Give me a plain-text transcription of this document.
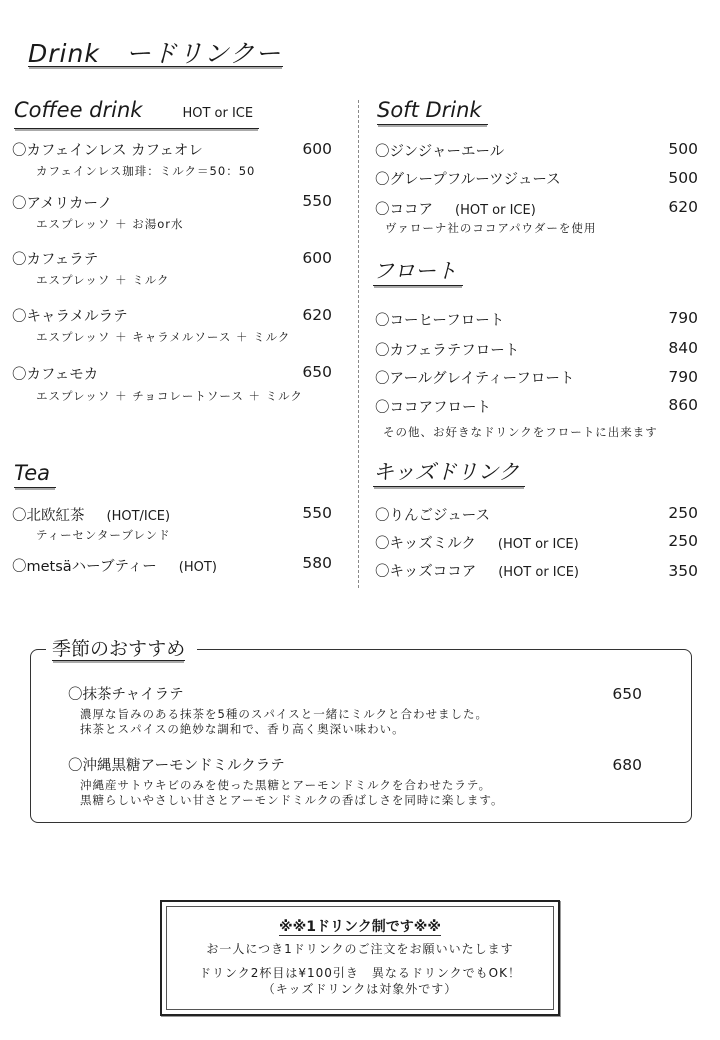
Drink　ードリンクー
Coffee drink	HOT or ICE
〇カフェインレス カフェオレ	600
カフェインレス珈琲：ミルク＝50：50
〇アメリカーノ	550
エスプレッソ ＋ お湯or水
〇カフェラテ	600
エスプレッソ ＋ ミルク
〇キャラメルラテ	620
エスプレッソ ＋ キャラメルソース ＋ ミルク
〇カフェモカ	650
エスプレッソ ＋ チョコレートソース ＋ ミルク
Tea
〇北欧紅茶 (HOT/ICE)	550
ティーセンターブレンド
〇metsäハーブティー (HOT)	580
Soft Drink
〇ジンジャーエール	500
〇グレープフルーツジュース	500
〇ココア (HOT or ICE)	620
ヴァローナ社のココアパウダーを使用
フロート
〇コーヒーフロート	790
〇カフェラテフロート	840
〇アールグレイティーフロート	790
〇ココアフロート	860
その他、お好きなドリンクをフロートに出来ます
キッズドリンク
〇りんごジュース	250
〇キッズミルク (HOT or ICE)	250
〇キッズココア (HOT or ICE)	350
季節のおすすめ
〇抹茶チャイラテ	650
濃厚な旨みのある抹茶を5種のスパイスと一緒にミルクと合わせました。
抹茶とスパイスの絶妙な調和で、香り高く奥深い味わい。
〇沖縄黒糖アーモンドミルクラテ	680
沖縄産サトウキビのみを使った黒糖とアーモンドミルクを合わせたラテ。
黒糖らしいやさしい甘さとアーモンドミルクの香ばしさを同時に楽します。
※※1ドリンク制です※※
お一人につき1ドリンクのご注文をお願いいたします
ドリンク2杯目は¥100引き　異なるドリンクでもOK！
（キッズドリンクは対象外です）
